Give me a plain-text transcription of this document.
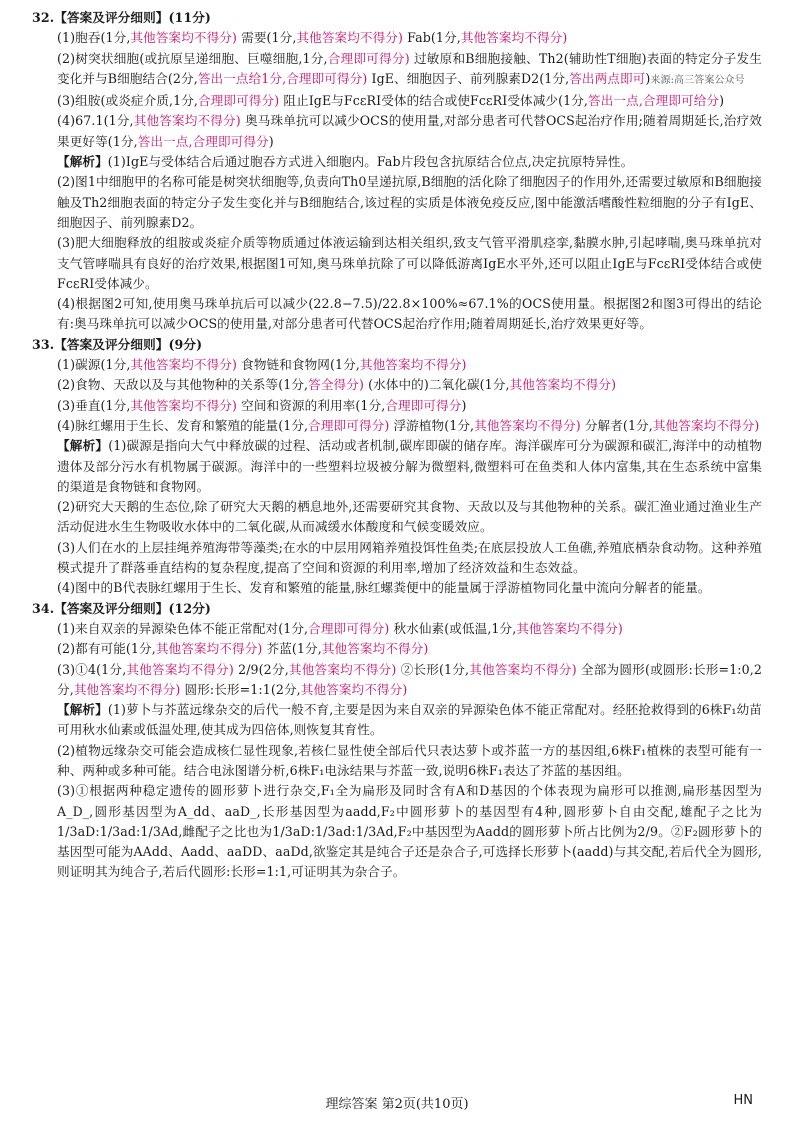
32.【答案及评分细则】(11分)

(1)胞吞(1分,其他答案均不得分) 需要(1分,其他答案均不得分) Fab(1分,其他答案均不得分)

(2)树突状细胞(或抗原呈递细胞、巨噬细胞,1分,合理即可得分) 过敏原和B细胞接触、Th2(辅助性T细胞)表面的特定分子发生变化并与B细胞结合(2分,答出一点给1分,合理即可得分) IgE、细胞因子、前列腺素D2(1分,答出两点即可)来源:高三答案公众号

(3)组胺(或炎症介质,1分,合理即可得分) 阻止IgE与FcεRⅠ受体的结合或使FcεRⅠ受体减少(1分,答出一点,合理即可给分)

(4)67.1(1分,其他答案均不得分) 奥马珠单抗可以减少OCS的使用量,对部分患者可代替OCS起治疗作用;随着周期延长,治疗效果更好等(1分,答出一点,合理即可得分)

【解析】(1)IgE与受体结合后通过胞吞方式进入细胞内。Fab片段包含抗原结合位点,决定抗原特异性。

(2)图1中细胞甲的名称可能是树突状细胞等,负责向Th0呈递抗原,B细胞的活化除了细胞因子的作用外,还需要过敏原和B细胞接触及Th2细胞表面的特定分子发生变化并与B细胞结合,该过程的实质是体液免疫反应,图中能激活嗜酸性粒细胞的分子有IgE、细胞因子、前列腺素D2。

(3)肥大细胞释放的组胺或炎症介质等物质通过体液运输到达相关组织,致支气管平滑肌痉挛,黏膜水肿,引起哮喘,奥马珠单抗对支气管哮喘具有良好的治疗效果,根据图1可知,奥马珠单抗除了可以降低游离IgE水平外,还可以阻止IgE与FcεRⅠ受体结合或使FcεRⅠ受体减少。

(4)根据图2可知,使用奥马珠单抗后可以减少(22.8−7.5)/22.8×100%≈67.1%的OCS使用量。根据图2和图3可得出的结论有:奥马珠单抗可以减少OCS的使用量,对部分患者可代替OCS起治疗作用;随着周期延长,治疗效果更好等。

33.【答案及评分细则】(9分)

(1)碳源(1分,其他答案均不得分) 食物链和食物网(1分,其他答案均不得分)

(2)食物、天敌以及与其他物种的关系等(1分,答全得分) (水体中的)二氧化碳(1分,其他答案均不得分)

(3)垂直(1分,其他答案均不得分) 空间和资源的利用率(1分,合理即可得分)

(4)脉红螺用于生长、发育和繁殖的能量(1分,合理即可得分) 浮游植物(1分,其他答案均不得分) 分解者(1分,其他答案均不得分)

【解析】(1)碳源是指向大气中释放碳的过程、活动或者机制,碳库即碳的储存库。海洋碳库可分为碳源和碳汇,海洋中的动植物遗体及部分污水有机物属于碳源。海洋中的一些塑料垃圾被分解为微塑料,微塑料可在鱼类和人体内富集,其在生态系统中富集的渠道是食物链和食物网。

(2)研究大天鹅的生态位,除了研究大天鹅的栖息地外,还需要研究其食物、天敌以及与其他物种的关系。碳汇渔业通过渔业生产活动促进水生生物吸收水体中的二氧化碳,从而减缓水体酸度和气候变暖效应。

(3)人们在水的上层挂绳养殖海带等藻类;在水的中层用网箱养殖投饵性鱼类;在底层投放人工鱼礁,养殖底栖杂食动物。这种养殖模式提升了群落垂直结构的复杂程度,提高了空间和资源的利用率,增加了经济效益和生态效益。

(4)图中的B代表脉红螺用于生长、发育和繁殖的能量,脉红螺粪便中的能量属于浮游植物同化量中流向分解者的能量。

34.【答案及评分细则】(12分)

(1)来自双亲的异源染色体不能正常配对(1分,合理即可得分) 秋水仙素(或低温,1分,其他答案均不得分)

(2)都有可能(1分,其他答案均不得分) 芥蓝(1分,其他答案均不得分)

(3)①4(1分,其他答案均不得分) 2/9(2分,其他答案均不得分) ②长形(1分,其他答案均不得分) 全部为圆形(或圆形:长形=1:0,2分,其他答案均不得分) 圆形:长形=1:1(2分,其他答案均不得分)

【解析】(1)萝卜与芥蓝远缘杂交的后代一般不育,主要是因为来自双亲的异源染色体不能正常配对。经胚抢救得到的6株F₁幼苗可用秋水仙素或低温处理,使其成为四倍体,则恢复其育性。

(2)植物远缘杂交可能会造成核仁显性现象,若核仁显性使全部后代只表达萝卜或芥蓝一方的基因组,6株F₁植株的表型可能有一种、两种或多种可能。结合电泳图谱分析,6株F₁电泳结果与芥蓝一致,说明6株F₁表达了芥蓝的基因组。

(3)①根据两种稳定遗传的圆形萝卜进行杂交,F₁全为扁形及同时含有A和D基因的个体表现为扁形可以推测,扁形基因型为A_D_,圆形基因型为A_dd、aaD_,长形基因型为aadd,F₂中圆形萝卜的基因型有4种,圆形萝卜自由交配,雄配子之比为1/3aD:1/3ad:1/3Ad,雌配子之比也为1/3aD:1/3ad:1/3Ad,F₂中基因型为Aadd的圆形萝卜所占比例为2/9。②F₂圆形萝卜的基因型可能为AAdd、Aadd、aaDD、aaDd,欲鉴定其是纯合子还是杂合子,可选择长形萝卜(aadd)与其交配,若后代全为圆形,则证明其为纯合子,若后代圆形:长形=1:1,可证明其为杂合子。

理综答案 第2页(共10页)	HN
